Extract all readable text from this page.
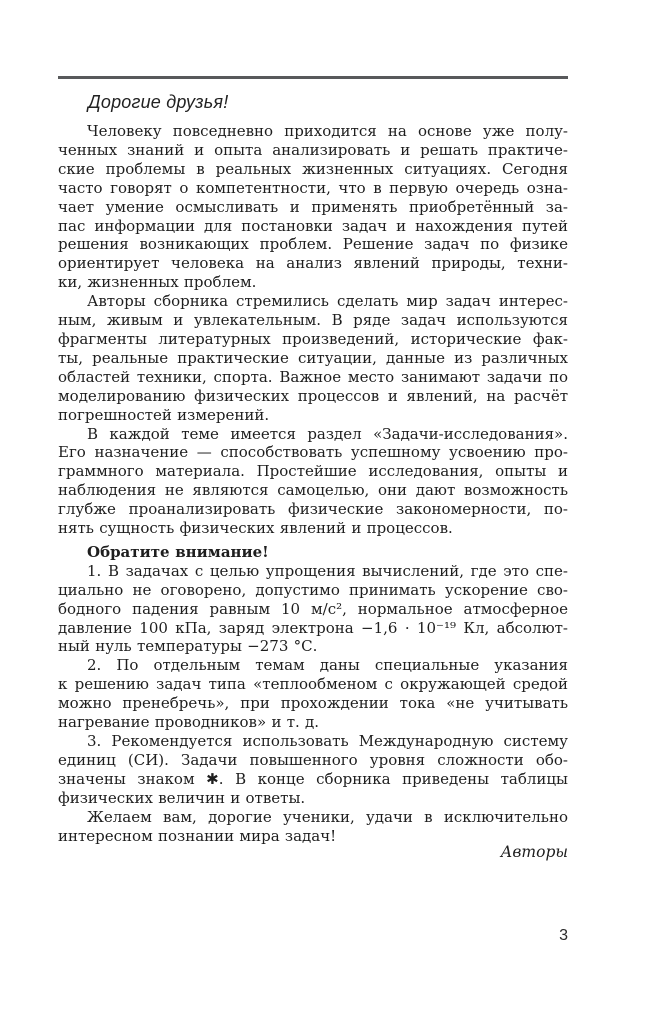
Дорогие друзья!
Человеку повседневно приходится на основе уже полу-
ченных знаний и опыта анализировать и решать практиче-
ские проблемы в реальных жизненных ситуациях. Сегодня
часто говорят о компетентности, что в первую очередь озна-
чает умение осмысливать и применять приобретённый за-
пас информации для постановки задач и нахождения путей
решения возникающих проблем. Решение задач по физике
ориентирует человека на анализ явлений природы, техни-
ки, жизненных проблем.
Авторы сборника стремились сделать мир задач интерес-
ным, живым и увлекательным. В ряде задач используются
фрагменты литературных произведений, исторические фак-
ты, реальные практические ситуации, данные из различных
областей техники, спорта. Важное место занимают задачи по
моделированию физических процессов и явлений, на расчёт
погрешностей измерений.
В каждой теме имеется раздел «Задачи-исследования».
Его назначение — способствовать успешному усвоению про-
граммного материала. Простейшие исследования, опыты и
наблюдения не являются самоцелью, они дают возможность
глубже проанализировать физические закономерности, по-
нять сущность физических явлений и процессов.
Обратите внимание!
1. В задачах с целью упрощения вычислений, где это спе-
циально не оговорено, допустимо принимать ускорение сво-
бодного падения равным 10 м/с², нормальное атмосферное
давление 100 кПа, заряд электрона −1,6 · 10⁻¹⁹ Кл, абсолют-
ный нуль температуры −273 °С.
2. По отдельным темам даны специальные указания
к решению задач типа «теплообменом с окружающей средой
можно пренебречь», при прохождении тока «не учитывать
нагревание проводников» и т. д.
3. Рекомендуется использовать Международную систему
единиц (СИ). Задачи повышенного уровня сложности обо-
значены знаком ✱. В конце сборника приведены таблицы
физических величин и ответы.
Желаем вам, дорогие ученики, удачи в исключительно
интересном познании мира задач!
Авторы
3
